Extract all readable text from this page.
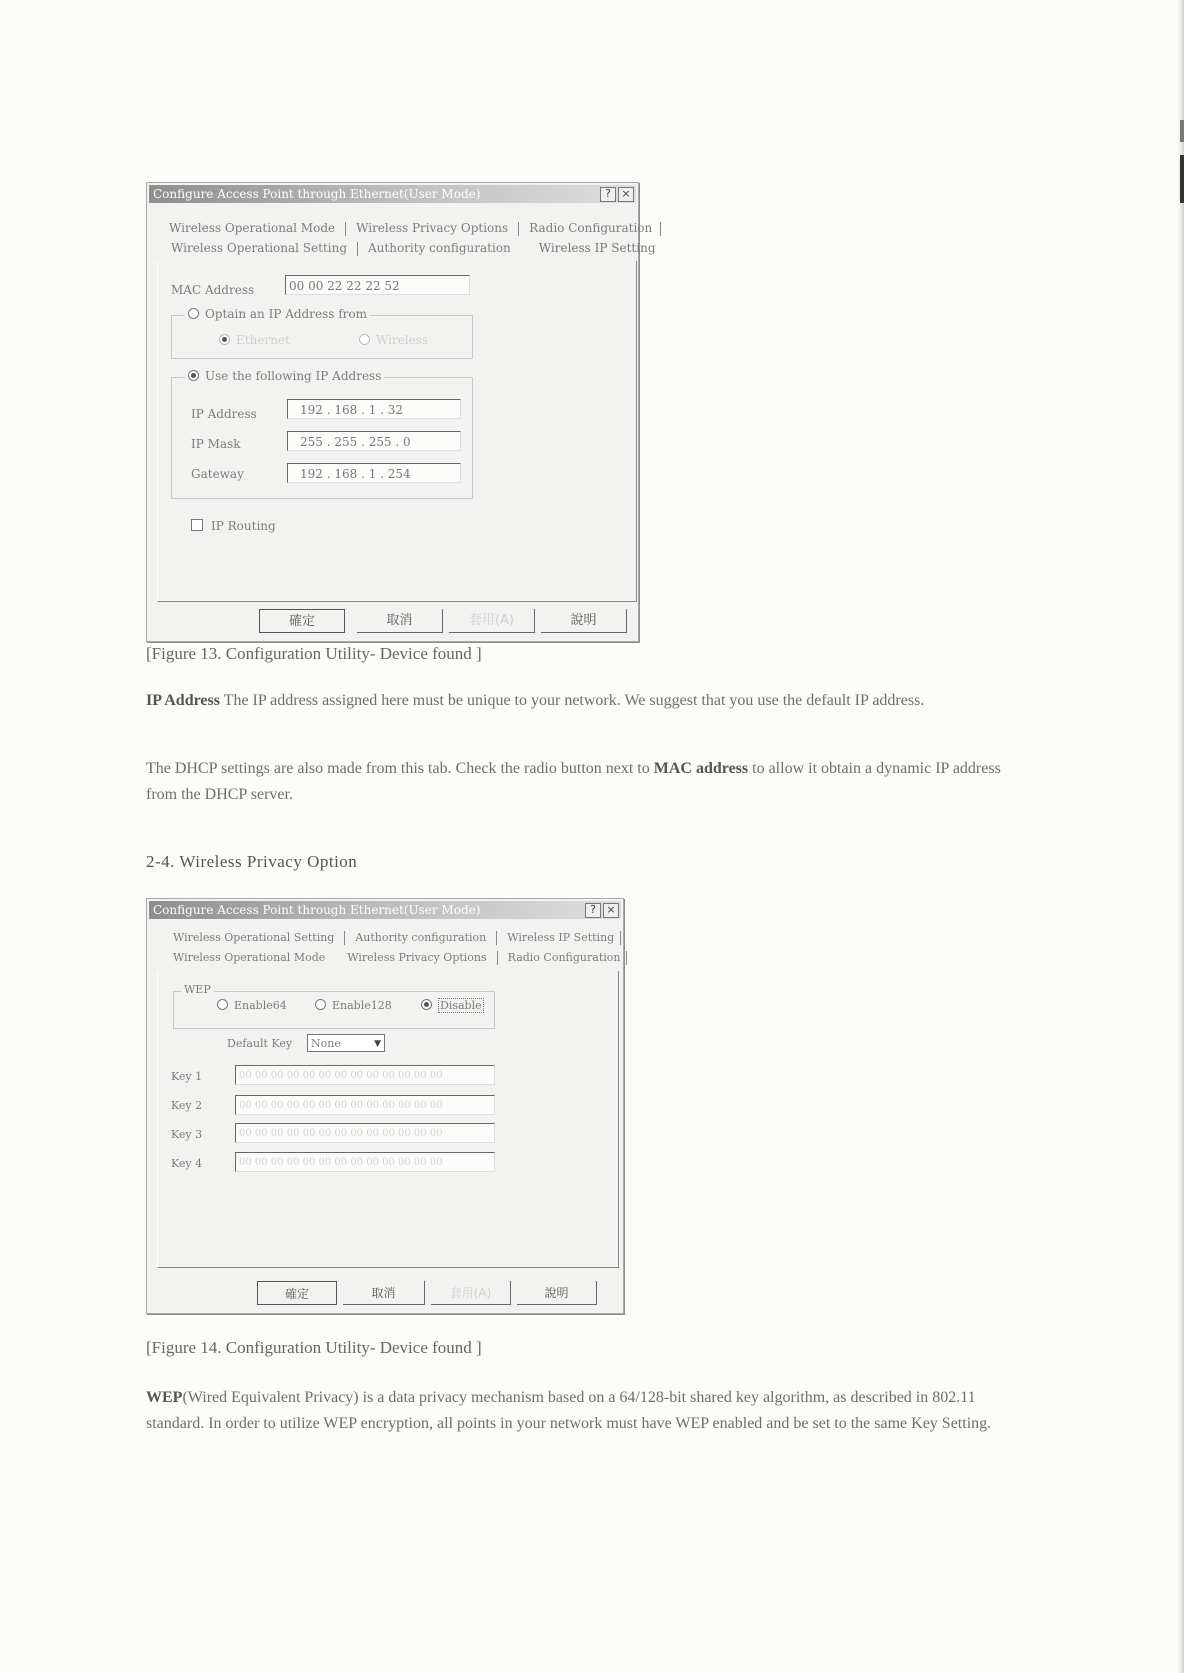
Configure Access Point through Ethernet(User Mode)	? ×
Wireless Operational Mode Wireless Privacy Options Radio Configuration
Wireless Operational Setting Authority configuration Wireless IP Setting
MAC Address	00 00 22 22 22 52
Optain an IP Address from
Ethernet	Wireless
Use the following IP Address
IP Address	192 . 168 . 1 . 32
IP Mask	255 . 255 . 255 . 0
Gateway	192 . 168 . 1 . 254
IP Routing
確定	取消	套用(A)	說明
[Figure 13. Configuration Utility- Device found ]
IP Address The IP address assigned here must be unique to your network. We suggest that you use the default IP address.
The DHCP settings are also made from this tab. Check the radio button next to MAC address to allow it obtain a dynamic IP address from the DHCP server.
2-4. Wireless Privacy Option
Configure Access Point through Ethernet(User Mode)	? ×
Wireless Operational Setting Authority configuration Wireless IP Setting
Wireless Operational Mode Wireless Privacy Options Radio Configuration
WEP
Enable64	Enable128	Disable
Default Key	None	▼
Key 1	00 00 00 00 00 00 00 00 00 00 00 00 00
Key 2	00 00 00 00 00 00 00 00 00 00 00 00 00
Key 3	00 00 00 00 00 00 00 00 00 00 00 00 00
Key 4	00 00 00 00 00 00 00 00 00 00 00 00 00
確定	取消	套用(A)	說明
[Figure 14. Configuration Utility- Device found ]
WEP(Wired Equivalent Privacy) is a data privacy mechanism based on a 64/128-bit shared key algorithm, as described in 802.11 standard. In order to utilize WEP encryption, all points in your network must have WEP enabled and be set to the same Key Setting.
